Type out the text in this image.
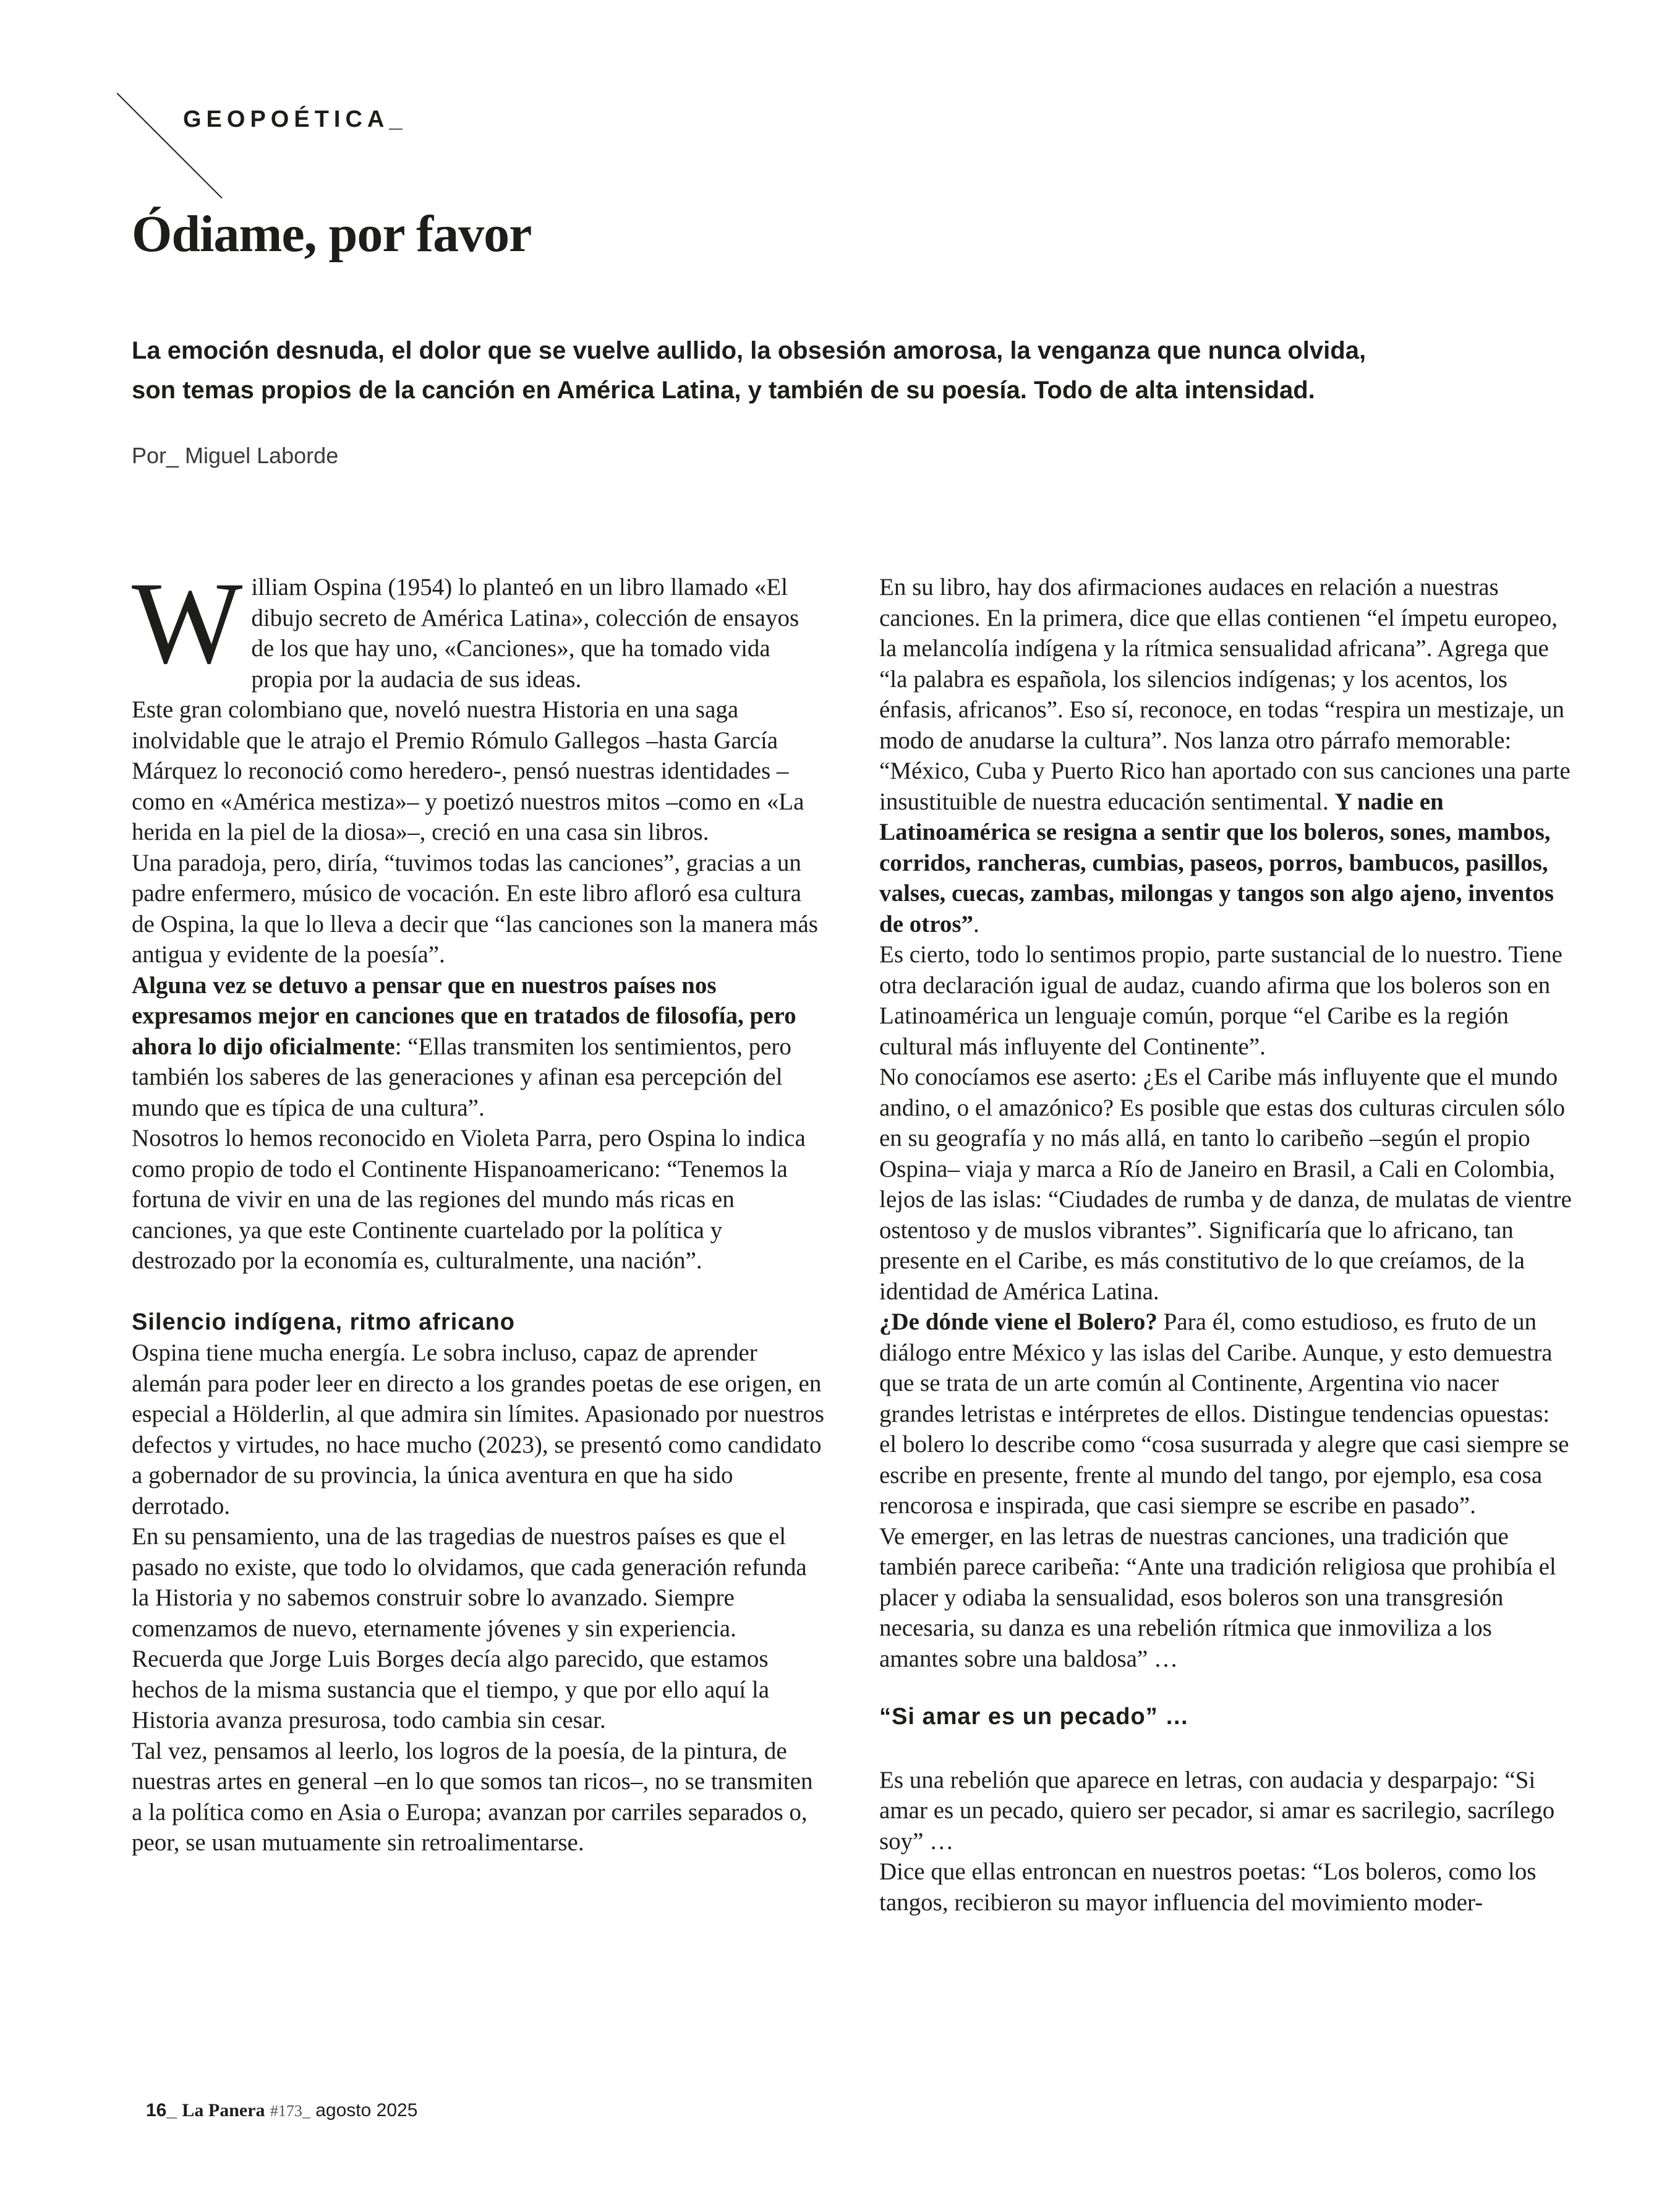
GEOPOÉTICA_
Ódiame, por favor
La emoción desnuda, el dolor que se vuelve aullido, la obsesión amorosa, la venganza que nunca olvida,
son temas propios de la canción en América Latina, y también de su poesía. Todo de alta intensidad.
Por_ Miguel Laborde

William Ospina (1954) lo planteó en un libro llamado «El dibujo secreto de América Latina», colección de ensayos de los que hay uno, «Canciones», que ha tomado vida propia por la audacia de sus ideas.

Este gran colombiano que, noveló nuestra Historia en una saga inolvidable que le atrajo el Premio Rómulo Gallegos –hasta García Márquez lo reconoció como heredero-, pensó nuestras identidades –como en «América mestiza»– y poetizó nuestros mitos –como en «La herida en la piel de la diosa»–, creció en una casa sin libros.

Una paradoja, pero, diría, “tuvimos todas las canciones”, gracias a un padre enfermero, músico de vocación. En este libro afloró esa cultura de Ospina, la que lo lleva a decir que “las canciones son la manera más antigua y evidente de la poesía”.

Alguna vez se detuvo a pensar que en nuestros países nos expresamos mejor en canciones que en tratados de filosofía, pero ahora lo dijo oficialmente: “Ellas transmiten los sentimientos, pero también los saberes de las generaciones y afinan esa percepción del mundo que es típica de una cultura”.

Nosotros lo hemos reconocido en Violeta Parra, pero Ospina lo indica como propio de todo el Continente Hispanoamericano: “Tenemos la fortuna de vivir en una de las regiones del mundo más ricas en canciones, ya que este Continente cuartelado por la política y destrozado por la economía es, culturalmente, una nación”.

Silencio indígena, ritmo africano

Ospina tiene mucha energía. Le sobra incluso, capaz de aprender alemán para poder leer en directo a los grandes poetas de ese origen, en especial a Hölderlin, al que admira sin límites. Apasionado por nuestros defectos y virtudes, no hace mucho (2023), se presentó como candidato a gobernador de su provincia, la única aventura en que ha sido derrotado.

En su pensamiento, una de las tragedias de nuestros países es que el pasado no existe, que todo lo olvidamos, que cada generación refunda la Historia y no sabemos construir sobre lo avanzado. Siempre comenzamos de nuevo, eternamente jóvenes y sin experiencia.

Recuerda que Jorge Luis Borges decía algo parecido, que estamos hechos de la misma sustancia que el tiempo, y que por ello aquí la Historia avanza presurosa, todo cambia sin cesar.

Tal vez, pensamos al leerlo, los logros de la poesía, de la pintura, de nuestras artes en general –en lo que somos tan ricos–, no se transmiten a la política como en Asia o Europa; avanzan por carriles separados o, peor, se usan mutuamente sin retroalimentarse.

En su libro, hay dos afirmaciones audaces en relación a nuestras canciones. En la primera, dice que ellas contienen “el ímpetu europeo, la melancolía indígena y la rítmica sensualidad africana”. Agrega que “la palabra es española, los silencios indígenas; y los acentos, los énfasis, africanos”. Eso sí, reconoce, en todas “respira un mestizaje, un modo de anudarse la cultura”. Nos lanza otro párrafo memorable: “México, Cuba y Puerto Rico han aportado con sus canciones una parte insustituible de nuestra educación sentimental. Y nadie en Latinoamérica se resigna a sentir que los boleros, sones, mambos, corridos, rancheras, cumbias, paseos, porros, bambucos, pasillos, valses, cuecas, zambas, milongas y tangos son algo ajeno, inventos de otros”.

Es cierto, todo lo sentimos propio, parte sustancial de lo nuestro. Tiene otra declaración igual de audaz, cuando afirma que los boleros son en Latinoamérica un lenguaje común, porque “el Caribe es la región cultural más influyente del Continente”.

No conocíamos ese aserto: ¿Es el Caribe más influyente que el mundo andino, o el amazónico? Es posible que estas dos culturas circulen sólo en su geografía y no más allá, en tanto lo caribeño –según el propio Ospina– viaja y marca a Río de Janeiro en Brasil, a Cali en Colombia, lejos de las islas: “Ciudades de rumba y de danza, de mulatas de vientre ostentoso y de muslos vibrantes”. Significaría que lo africano, tan presente en el Caribe, es más constitutivo de lo que creíamos, de la identidad de América Latina.

¿De dónde viene el Bolero? Para él, como estudioso, es fruto de un diálogo entre México y las islas del Caribe. Aunque, y esto demuestra que se trata de un arte común al Continente, Argentina vio nacer grandes letristas e intérpretes de ellos. Distingue tendencias opuestas: el bolero lo describe como “cosa susurrada y alegre que casi siempre se escribe en presente, frente al mundo del tango, por ejemplo, esa cosa rencorosa e inspirada, que casi siempre se escribe en pasado”.

Ve emerger, en las letras de nuestras canciones, una tradición que también parece caribeña: “Ante una tradición religiosa que prohibía el placer y odiaba la sensualidad, esos boleros son una transgresión necesaria, su danza es una rebelión rítmica que inmoviliza a los amantes sobre una baldosa” …

“Si amar es un pecado” …

Es una rebelión que aparece en letras, con audacia y desparpajo: “Si amar es un pecado, quiero ser pecador, si amar es sacrilegio, sacrílego soy” …

Dice que ellas entroncan en nuestros poetas: “Los boleros, como los tangos, recibieron su mayor influencia del movimiento moder-

16_ La Panera #173_ agosto 2025
